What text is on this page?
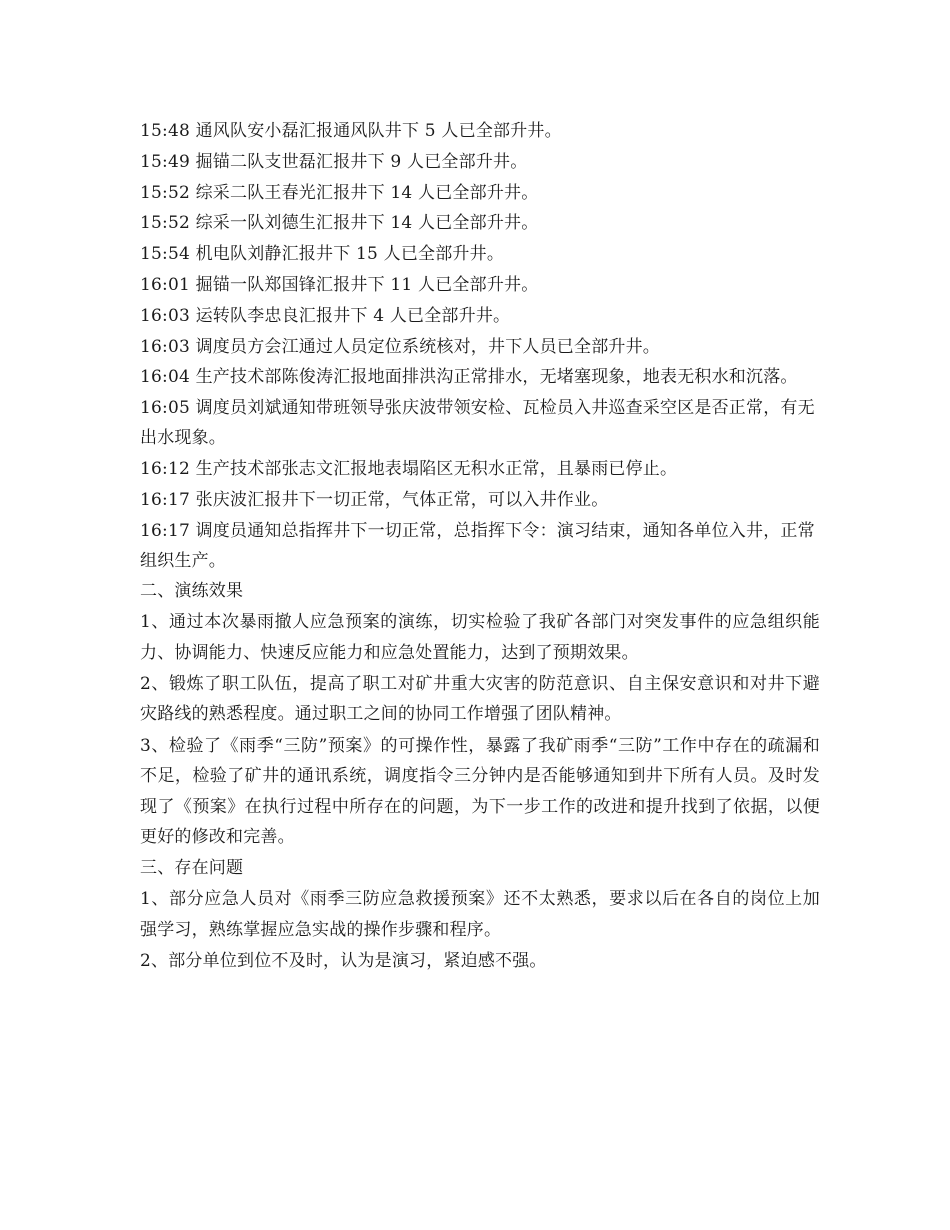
15:48 通风队安小磊汇报通风队井下 5 人已全部升井。

15:49 掘锚二队支世磊汇报井下 9 人已全部升井。

15:52 综采二队王春光汇报井下 14 人已全部升井。

15:52 综采一队刘德生汇报井下 14 人已全部升井。

15:54 机电队刘静汇报井下 15 人已全部升井。

16:01 掘锚一队郑国锋汇报井下 11 人已全部升井。

16:03 运转队李忠良汇报井下 4 人已全部升井。

16:03 调度员方会江通过人员定位系统核对，井下人员已全部升井。

16:04 生产技术部陈俊涛汇报地面排洪沟正常排水，无堵塞现象，地表无积水和沉落。

16:05 调度员刘斌通知带班领导张庆波带领安检、瓦检员入井巡查采空区是否正常，有无出水现象。

16:12 生产技术部张志文汇报地表塌陷区无积水正常，且暴雨已停止。

16:17 张庆波汇报井下一切正常，气体正常，可以入井作业。

16:17 调度员通知总指挥井下一切正常，总指挥下令：演习结束，通知各单位入井，正常组织生产。

二、演练效果

1、通过本次暴雨撤人应急预案的演练，切实检验了我矿各部门对突发事件的应急组织能力、协调能力、快速反应能力和应急处置能力，达到了预期效果。

2、锻炼了职工队伍，提高了职工对矿井重大灾害的防范意识、自主保安意识和对井下避灾路线的熟悉程度。通过职工之间的协同工作增强了团队精神。

3、检验了《雨季“三防”预案》的可操作性，暴露了我矿雨季“三防”工作中存在的疏漏和不足，检验了矿井的通讯系统，调度指令三分钟内是否能够通知到井下所有人员。及时发现了《预案》在执行过程中所存在的问题，为下一步工作的改进和提升找到了依据，以便更好的修改和完善。

三、存在问题

1、部分应急人员对《雨季三防应急救援预案》还不太熟悉，要求以后在各自的岗位上加强学习，熟练掌握应急实战的操作步骤和程序。

2、部分单位到位不及时，认为是演习，紧迫感不强。
